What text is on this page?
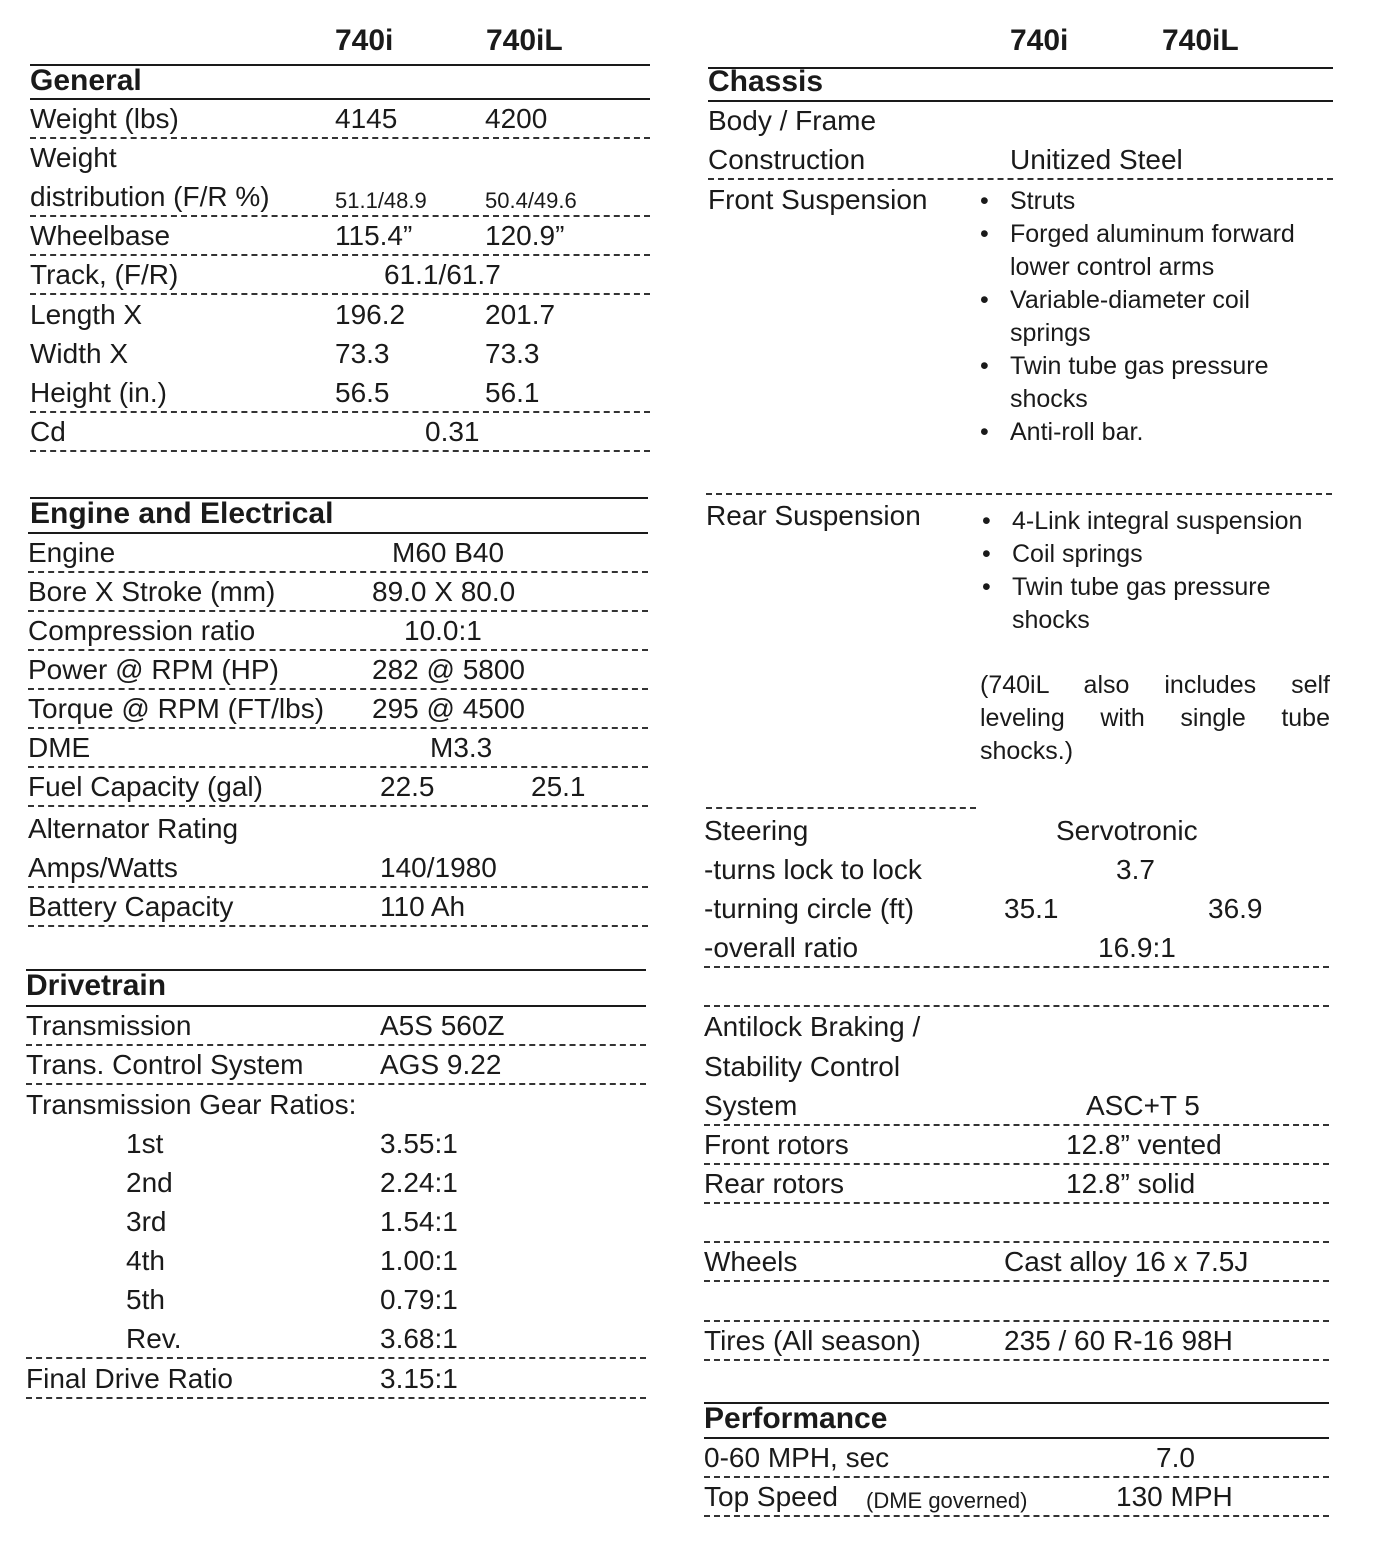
740i	740iL
General
Weight (lbs)	4145	4200
Weight
distribution (F/R %)	51.1/48.9	50.4/49.6
Wheelbase	115.4”	120.9”
Track, (F/R)	61.1/61.7
Length X	196.2	201.7
Width X	73.3	73.3
Height (in.)	56.5	56.1
Cd	0.31
Engine and Electrical
Engine	M60 B40
Bore X Stroke (mm)	89.0 X 80.0
Compression ratio	10.0:1
Power @ RPM (HP)	282 @ 5800
Torque @ RPM (FT/lbs) 295 @ 4500
DME	M3.3
Fuel Capacity (gal)	22.5	25.1
Alternator Rating
Amps/Watts	140/1980
Battery Capacity	110 Ah
Drivetrain
Transmission	A5S 560Z
Trans. Control System	AGS 9.22
Transmission Gear Ratios:
1st	3.55:1
2nd	2.24:1
3rd	1.54:1
4th	1.00:1
5th	0.79:1
Rev.	3.68:1
Final Drive Ratio	3.15:1
740i	740iL
Chassis
Body / Frame
Construction	Unitized Steel
Front Suspension	• Struts
• Forged aluminum forward lower control arms
• Variable-diameter coil springs
• Twin tube gas pressure shocks
• Anti-roll bar.
Rear Suspension	• 4-Link integral suspension
• Coil springs
• Twin tube gas pressure shocks
(740iL also includes self leveling with single tube shocks.)
Steering	Servotronic
-turns lock to lock	3.7
-turning circle (ft)	35.1	36.9
-overall ratio	16.9:1
Antilock Braking /
Stability Control
System	ASC+T 5
Front rotors	12.8” vented
Rear rotors	12.8” solid
Wheels	Cast alloy 16 x 7.5J
Tires (All season)	235 / 60 R-16 98H
Performance
0-60 MPH, sec	7.0
Top Speed (DME governed)	130 MPH
